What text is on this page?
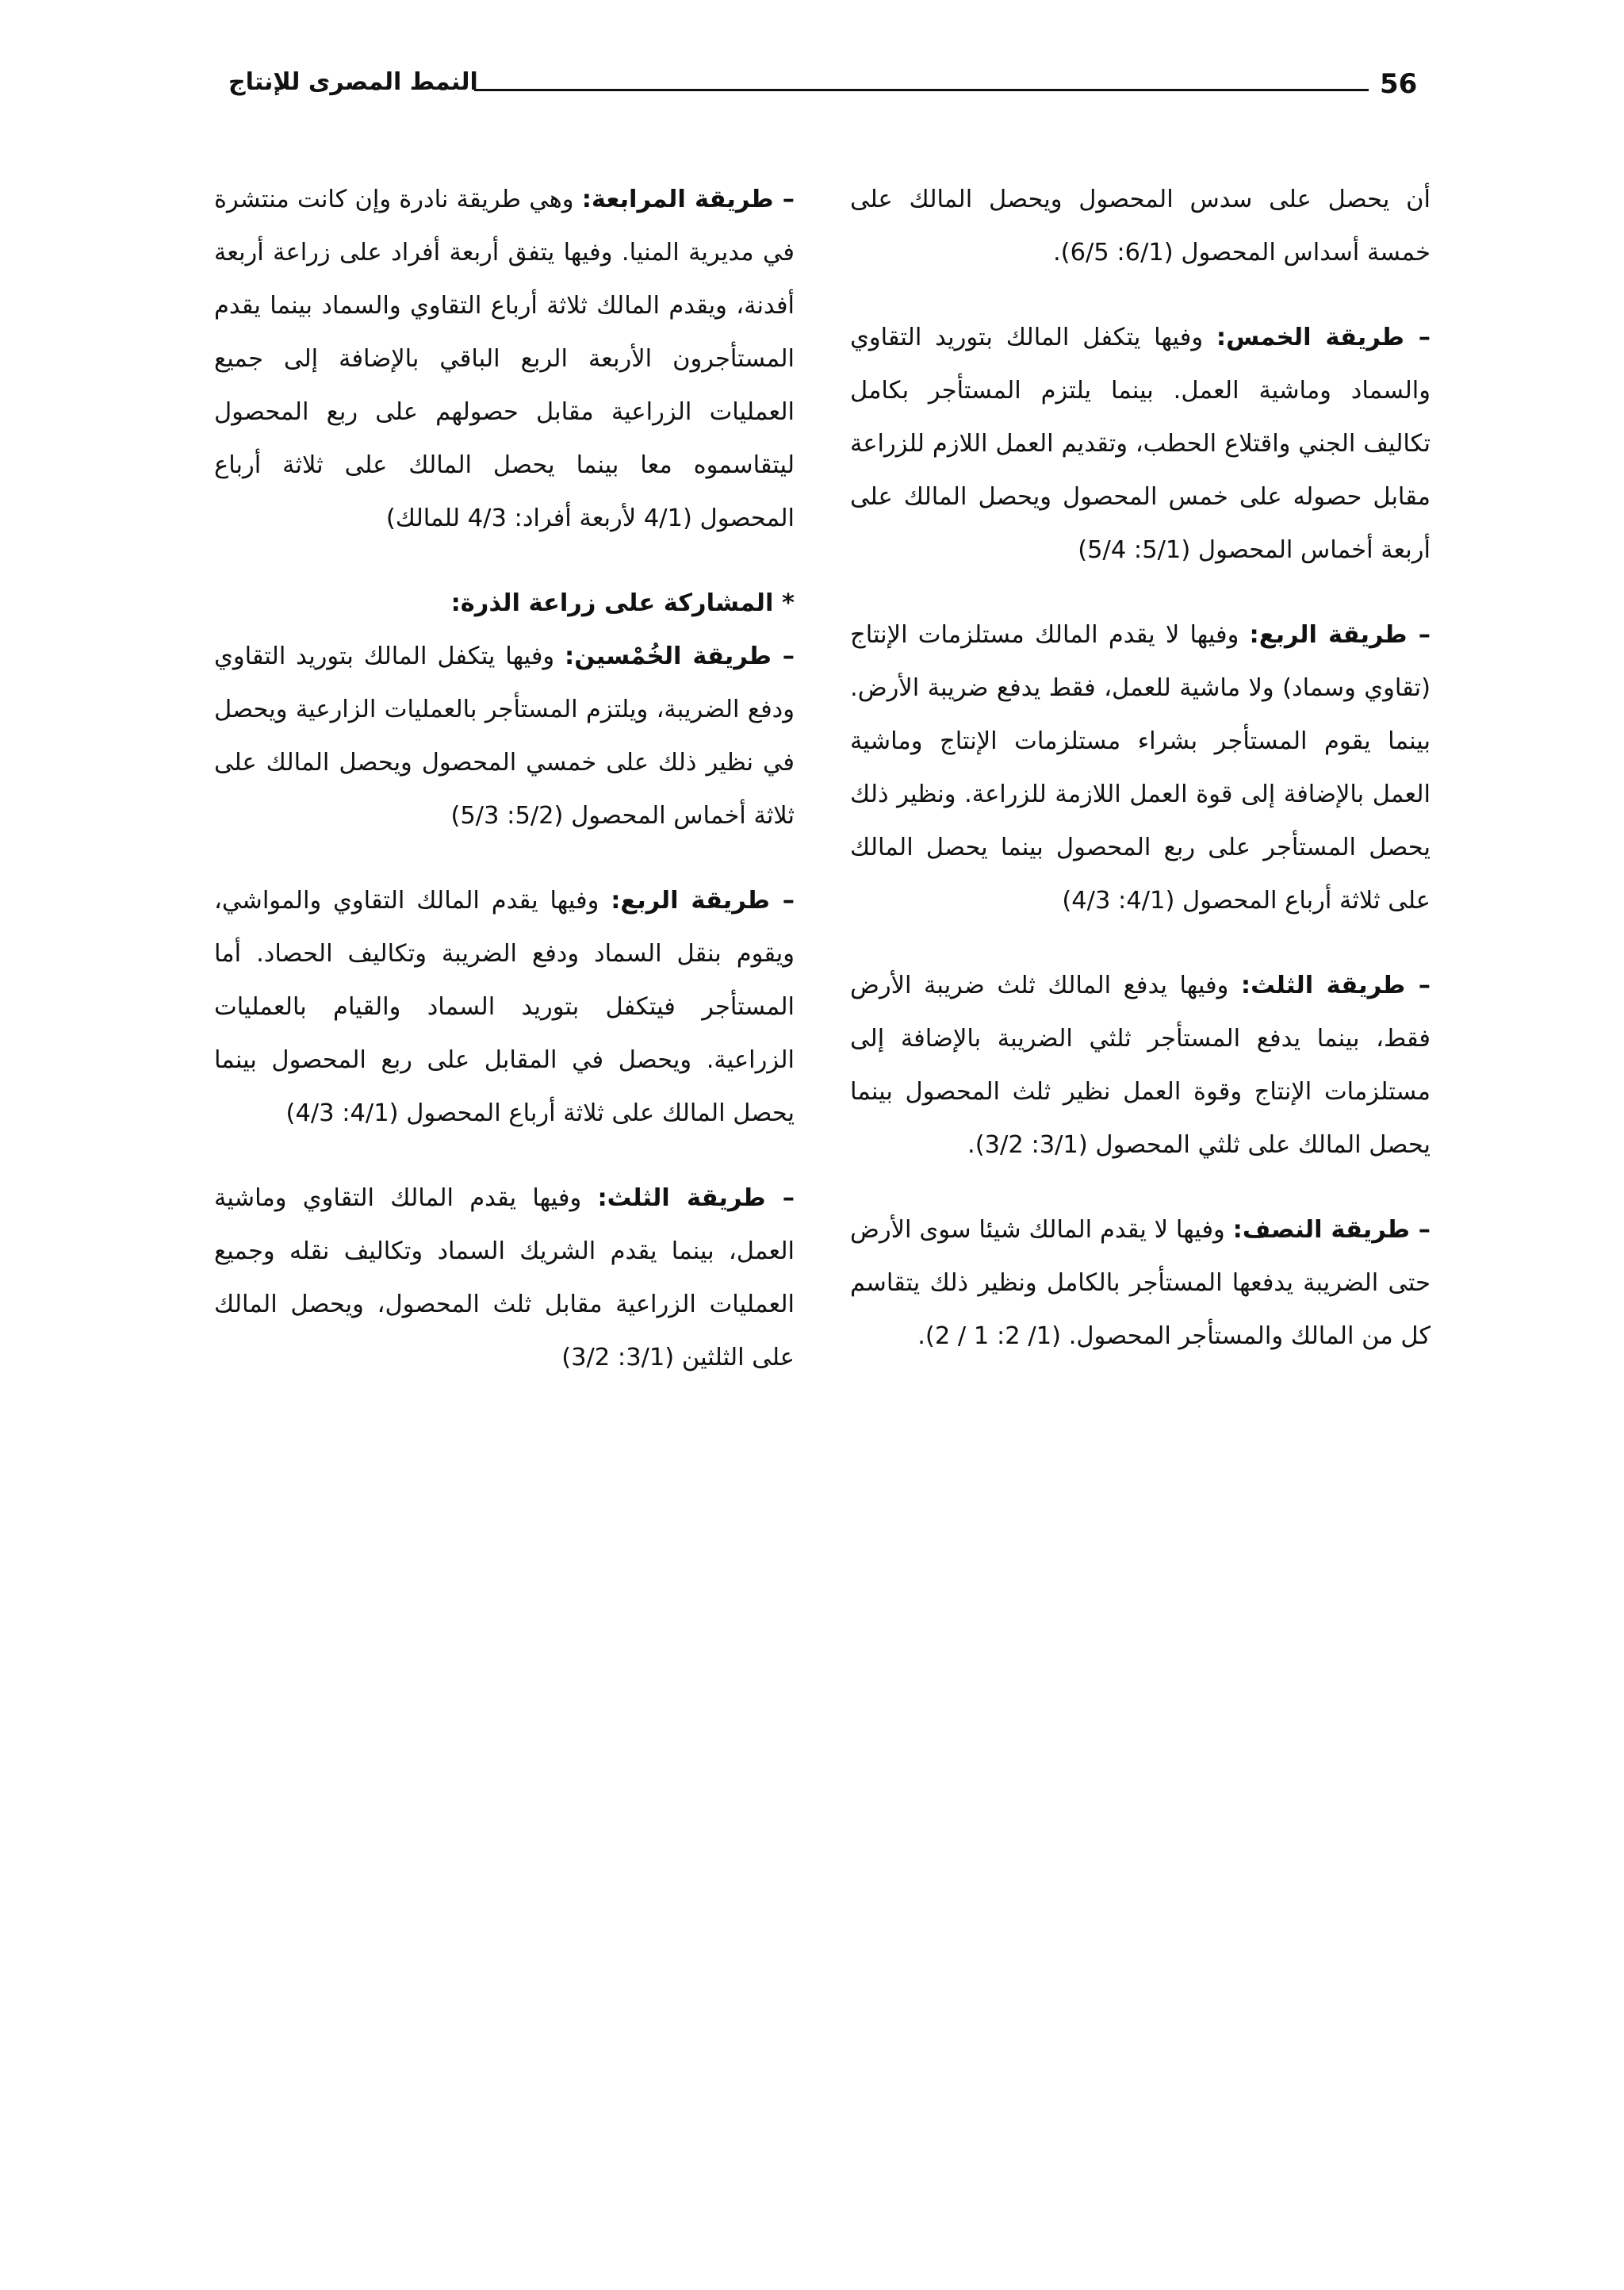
56
النمط المصرى للإنتاج

أن يحصل على سدس المحصول ويحصل المالك على خمسة أسداس المحصول (6/1: 6/5).

– طريقة الخمس: وفيها يتكفل المالك بتوريد التقاوي والسماد وماشية العمل. بينما يلتزم المستأجر بكامل تكاليف الجني واقتلاع الحطب، وتقديم العمل اللازم للزراعة مقابل حصوله على خمس المحصول ويحصل المالك على أربعة أخماس المحصول (5/1: 5/4)

– طريقة الربع: وفيها لا يقدم المالك مستلزمات الإنتاج (تقاوي وسماد) ولا ماشية للعمل، فقط يدفع ضريبة الأرض. بينما يقوم المستأجر بشراء مستلزمات الإنتاج وماشية العمل بالإضافة إلى قوة العمل اللازمة للزراعة. ونظير ذلك يحصل المستأجر على ربع المحصول بينما يحصل المالك على ثلاثة أرباع المحصول (4/1: 4/3)

– طريقة الثلث: وفيها يدفع المالك ثلث ضريبة الأرض فقط، بينما يدفع المستأجر ثلثي الضريبة بالإضافة إلى مستلزمات الإنتاج وقوة العمل نظير ثلث المحصول بينما يحصل المالك على ثلثي المحصول (3/1: 3/2).

– طريقة النصف: وفيها لا يقدم المالك شيئا سوى الأرض حتى الضريبة يدفعها المستأجر بالكامل ونظير ذلك يتقاسم كل من المالك والمستأجر المحصول. (1/ 2: 1 / 2).

– طريقة المرابعة: وهي طريقة نادرة وإن كانت منتشرة في مديرية المنيا. وفيها يتفق أربعة أفراد على زراعة أربعة أفدنة، ويقدم المالك ثلاثة أرباع التقاوي والسماد بينما يقدم المستأجرون الأربعة الربع الباقي بالإضافة إلى جميع العمليات الزراعية مقابل حصولهم على ربع المحصول ليتقاسموه معا بينما يحصل المالك على ثلاثة أرباع المحصول (4/1 لأربعة أفراد: 4/3 للمالك)

* المشاركة على زراعة الذرة:

– طريقة الخُمْسين: وفيها يتكفل المالك بتوريد التقاوي ودفع الضريبة، ويلتزم المستأجر بالعمليات الزارعية ويحصل في نظير ذلك على خمسي المحصول ويحصل المالك على ثلاثة أخماس المحصول (5/2: 5/3)

– طريقة الربع: وفيها يقدم المالك التقاوي والمواشي، ويقوم بنقل السماد ودفع الضريبة وتكاليف الحصاد. أما المستأجر فيتكفل بتوريد السماد والقيام بالعمليات الزراعية. ويحصل في المقابل على ربع المحصول بينما يحصل المالك على ثلاثة أرباع المحصول (4/1: 4/3)

– طريقة الثلث: وفيها يقدم المالك التقاوي وماشية العمل، بينما يقدم الشريك السماد وتكاليف نقله وجميع العمليات الزراعية مقابل ثلث المحصول، ويحصل المالك على الثلثين (3/1: 3/2)
